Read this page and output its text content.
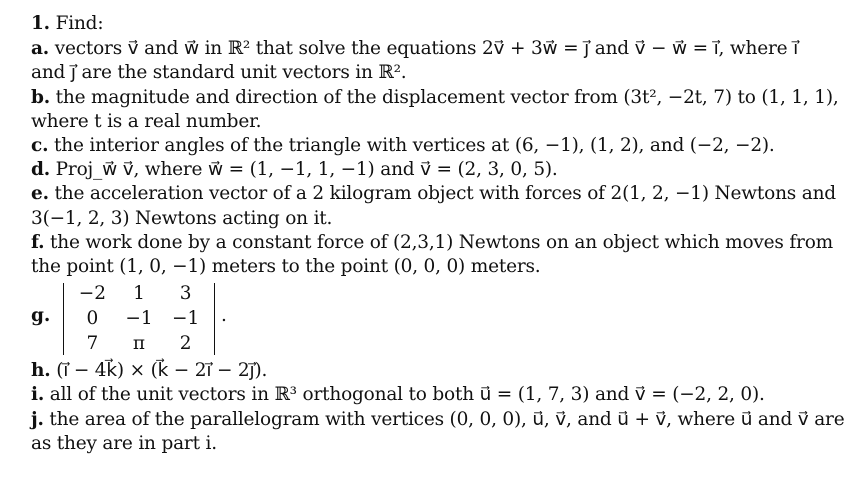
1. Find:
a. vectors v⃗ and w⃗ in ℝ² that solve the equations 2v⃗ + 3w⃗ = j⃗ and v⃗ − w⃗ = i⃗, where i⃗
and j⃗ are the standard unit vectors in ℝ².
b. the magnitude and direction of the displacement vector from (3t², −2t, 7) to (1, 1, 1),
where t is a real number.
c. the interior angles of the triangle with vertices at (6, −1), (1, 2), and (−2, −2).
d. Proj_w⃗ v⃗, where w⃗ = (1, −1, 1, −1) and v⃗ = (2, 3, 0, 5).
e. the acceleration vector of a 2 kilogram object with forces of 2(1, 2, −1) Newtons and
3(−1, 2, 3) Newtons acting on it.
f. the work done by a constant force of (2,3,1) Newtons on an object which moves from
the point (1, 0, −1) meters to the point (0, 0, 0) meters.
g.
−2	1	3
0	−1	−1
7	π	2
.
h. (i⃗ − 4k⃗) × (k⃗ − 2i⃗ − 2j⃗).
i. all of the unit vectors in ℝ³ orthogonal to both u⃗ = (1, 7, 3) and v⃗ = (−2, 2, 0).
j. the area of the parallelogram with vertices (0, 0, 0), u⃗, v⃗, and u⃗ + v⃗, where u⃗ and v⃗ are
as they are in part i.
